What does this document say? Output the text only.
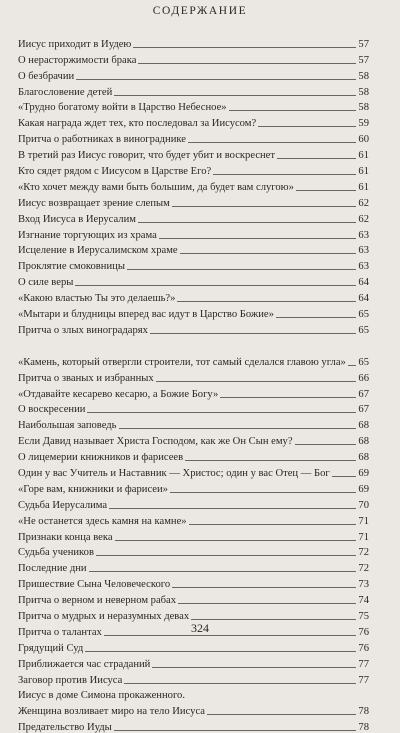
СОДЕРЖАНИЕ
Иисус приходит в Иудею	57
О нерасторжимости брака	57
О безбрачии	58
Благословение детей	58
«Трудно богатому войти в Царство Небесное»	58
Какая награда ждет тех, кто последовал за Иисусом?	59
Притча о работниках в винограднике	60
В третий раз Иисус говорит, что будет убит и воскреснет	61
Кто сядет рядом с Иисусом в Царстве Его?	61
«Кто хочет между вами быть большим, да будет вам слугою»	61
Иисус возвращает зрение слепым	62
Вход Иисуса в Иерусалим	62
Изгнание торгующих из храма	63
Исцеление в Иерусалимском храме	63
Проклятие смоковницы	63
О силе веры	64
«Какою властью Ты это делаешь?»	64
«Мытари и блудницы вперед вас идут в Царство Божие»	65
Притча о злых виноградарях	65
«Камень, который отвергли строители, тот самый сделался главою угла» 65
Притча о званых и избранных	66
«Отдавайте кесарево кесарю, а Божие Богу»	67
О воскресении	67
Наибольшая заповедь	68
Если Давид называет Христа Господом, как же Он Сын ему?	68
О лицемерии книжников и фарисеев	68
Один у вас Учитель и Наставник — Христос; один у вас Отец — Бог	69
«Горе вам, книжники и фарисеи»	69
Судьба Иерусалима	70
«Не останется здесь камня на камне»	71
Признаки конца века	71
Судьба учеников	72
Последние дни	72
Пришествие Сына Человеческого	73
Притча о верном и неверном рабах	74
Притча о мудрых и неразумных девах	75
Притча о талантах	76
Грядущий Суд	76
Приближается час страданий	77
Заговор против Иисуса	77
Иисус в доме Симона прокаженного.
Женщина возливает миро на тело Иисуса	78
Предательство Иуды	78
324
